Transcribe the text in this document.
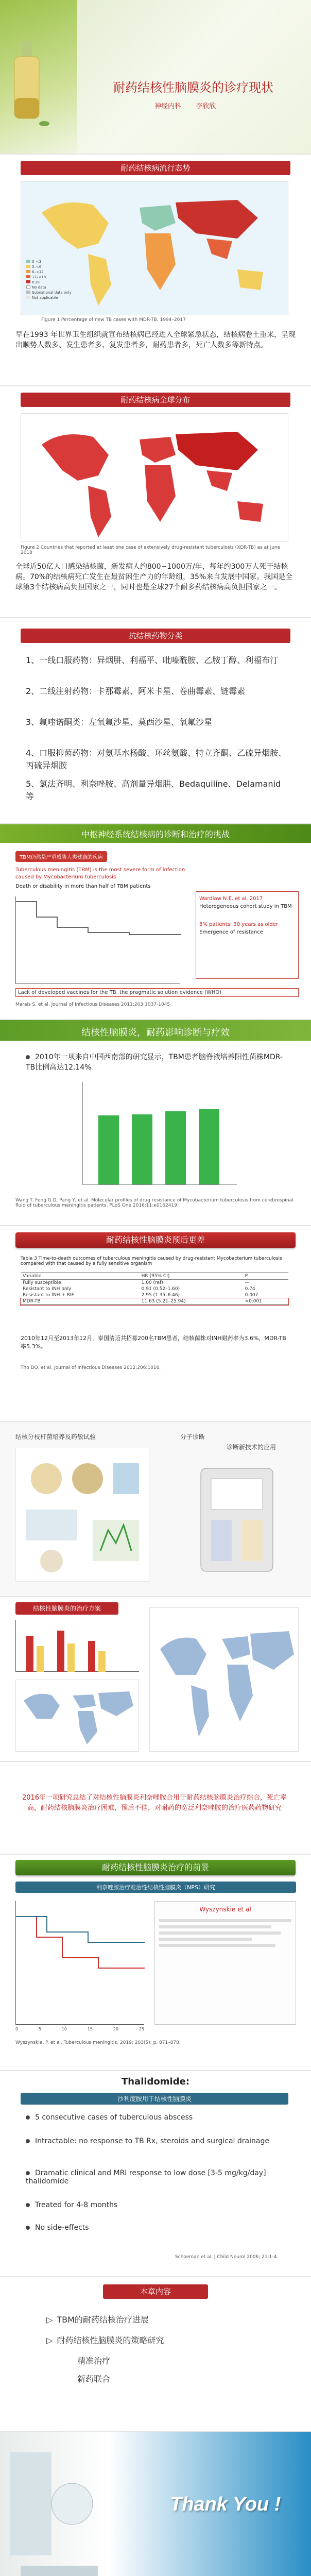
耐药结核性脑膜炎的诊疗现状
神经内科 李欣欣
耐药结核病流行态势
0–<3
3–<6
6–<12
12–<18
≥18
No data
Subnational data only
Not applicable
Figure 1 Percentage of new TB cases with MDR-TB, 1994–2017
早在1993 年世界卫生组织就宣布结核病已经进入全球紧急状态，结核病卷土重来，呈现出顺势人数多、发生患者多、复发患者多，耐药患者多，死亡人数多等新特点。
耐药结核病全球分布
Figure 2 Countries that reported at least one case of extensively drug-resistant tuberculosis (XDR-TB) as at June 2018
全球近50亿人口感染结核菌，新发病人约800~1000万/年，每年约300万人死于结核病。70%的结核病死亡发生在最贫困生产力的年龄组，35%来自发展中国家。我国是全球第3个结核病高负担国家之一，同时也是全球27个耐多药结核病高负担国家之一。
抗结核药物分类
1、一线口服药物：异烟肼、利福平、吡嗪酰胺、乙胺丁醇、利福布汀
2、二线注射药物：卡那霉素、阿米卡星、卷曲霉素、链霉素
3、氟喹诺酮类：左氧氟沙星、莫西沙星、氧氟沙星
4、口服抑菌药物：对氨基水杨酸、环丝氨酸、特立齐酮、乙硫异烟胺、丙硫异烟胺
5、氯法齐明、利奈唑胺、高剂量异烟肼、Bedaquiline、Delamanid等
中枢神经系统结核病的诊断和治疗的挑战
TBM仍然是严重威胁人类健康的疾病
Tuberculous meningitis (TBM) is the most severe form of infection caused by Mycobacterium tuberculosis
Death or disability in more than half of TBM patients
Wardlaw N.E. et al, 2017
Heterogeneous cohort study in TBM
8% patients: 30 years as older
Emergence of resistance
Lack of developed vaccines for the TB, the pragmatic solution evidence (WHO)
Marais S. et al, Journal of Infectious Diseases 2011;203:1037-1045
结核性脑膜炎，耐药影响诊断与疗效
2010年一项来自中国西南部的研究显示，TBM患者脑脊液培养阳性菌株MDR-TB比例高达12.14%
Wang T. Feng G.D, Pang Y, et al. Molecular profiles of drug resistance of Mycobacterium tuberculosis from cerebrospinal fluid of tuberculous meningitis patients. PLoS One 2016;11:e0162419.
耐药结核性脑膜炎预后更差
Table 3 Time-to-death outcomes of tuberculous meningitis caused by drug-resistant Mycobacterium tuberculosis compared with that caused by a fully sensitive organism
Variable	HR (95% CI)	P
Fully susceptible	1.00 (ref)	—
Resistant to INH only	0.91 (0.52–1.60)	0.74
Resistant to INH + RIF	2.95 (1.35–6.46)	0.007
MDR-TB	11.63 (5.21–25.94)	<0.001
2010年12月至2013年12月，泰国清迈共招募200名TBM患者，结核菌株对INH耐药率为3.6%，MDR-TB率5.3%。
Tho DQ, et al. Journal of Infectious Diseases 2012;206:1016.
结核分枝杆菌培养及药敏试验	分子诊断
诊断新技术的应用
结核性脑膜炎的治疗方案
2016年一项研究总结了对结核性脑膜炎利奈唑胺合用于耐药结核脑膜炎治疗综合，死亡率高，耐药结核脑膜炎治疗困难，预后不佳，对耐药的宽泛利奈唑胺的治疗医药药物研究
耐药结核性脑膜炎治疗的前景
利奈唑胺治疗难治性结核性脑膜炎（NPS）研究
0	5	10	15	20	25
Wyszynskie et al
Wyszynskie, P. et al. Tuberculous meningitis, 2019; 203(5): p. 871–878.
Thalidomide:
沙利度胺用于结核性脑膜炎
5 consecutive cases of tuberculous abscess
Intractable: no response to TB Rx, steroids and surgical drainage
Dramatic clinical and MRI response to low dose [3-5 mg/kg/day] thalidomide
Treated for 4-8 months
No side-effects
Schoeman et al. J Child Neurol 2006; 21:1-4
本章内容
▷ TBM的耐药结核治疗进展
▷ 耐药结核性脑膜炎的策略研究
精准治疗
新药联合
Thank You !
